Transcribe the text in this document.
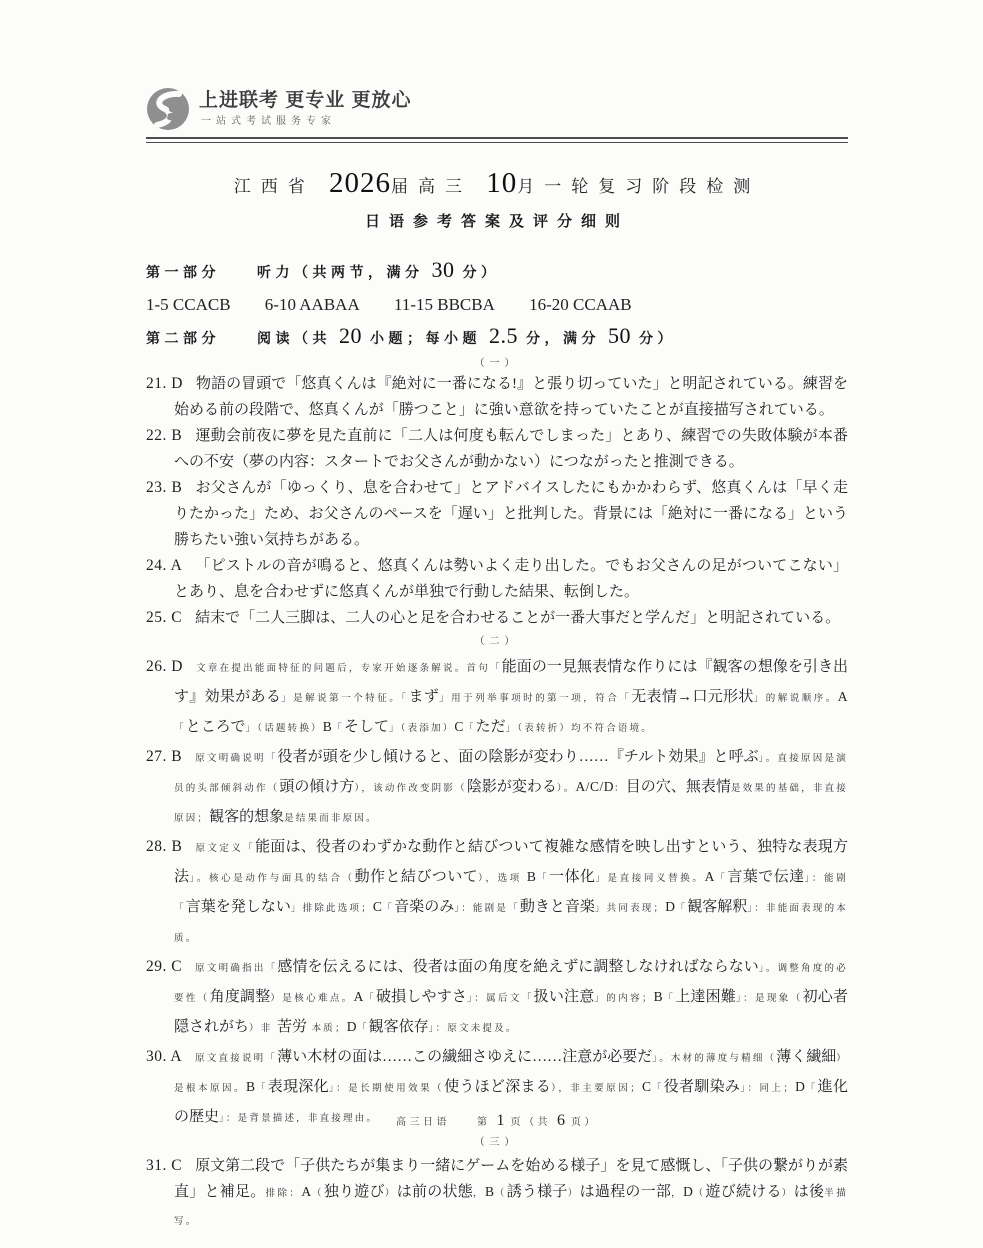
上进联考 更专业 更放心
一站式考试服务专家
江西省 2026届高三 10月一轮复习阶段检测
日语参考答案及评分细则

第一部分　　听力（共两节，满分 30 分）

1-5 CCACB 6-10 AABAA 11-15 BBCBA 16-20 CCAAB

第二部分　　阅读（共 20 小题；每小题 2.5 分，满分 50 分）

（一）

21. D 物語の冒頭で「悠真くんは『絶対に一番になる!』と張り切っていた」と明記されている。練習を始める前の段階で、悠真くんが「勝つこと」に強い意欲を持っていたことが直接描写されている。

22. B 運動会前夜に夢を見た直前に「二人は何度も転んでしまった」とあり、練習での失敗体験が本番への不安（夢の内容：スタートでお父さんが動かない）につながったと推測できる。

23. B お父さんが「ゆっくり、息を合わせて」とアドバイスしたにもかかわらず、悠真くんは「早く走りたかった」ため、お父さんのペースを「遅い」と批判した。背景には「絶対に一番になる」という勝ちたい強い気持ちがある。

24. A 「ピストルの音が鳴ると、悠真くんは勢いよく走り出した。でもお父さんの足がついてこない」とあり、息を合わせずに悠真くんが単独で行動した結果、転倒した。

25. C 結末で「二人三脚は、二人の心と足を合わせることが一番大事だと学んだ」と明記されている。

（二）

26. D 文章在提出能面特征的问题后，专家开始逐条解说。首句「能面の一見無表情な作りには『観客の想像を引き出す』効果がある」是解说第一个特征。「まず」用于列举事项时的第一项，符合「无表情→口元形状」的解说顺序。A「ところで」（话题转换）B「そして」（表添加）C「ただ」（表转折）均不符合语境。

27. B 原文明确说明「役者が頭を少し傾けると、面の陰影が変わり……『チルト効果』と呼ぶ」。直接原因是演员的头部倾斜动作（頭の傾け方），该动作改变阴影（陰影が変わる）。A/C/D：目の穴、無表情是效果的基础，非直接原因；観客的想象是结果而非原因。

28. B 原文定义「能面は、役者のわずかな動作と結びついて複雑な感情を映し出すという、独特な表現方法」。核心是动作与面具的结合（動作と結びついて），选项 B「一体化」是直接同义替换。A「言葉で伝達」：能剧「言葉を発しない」排除此选项；C「音楽のみ」：能剧是「動きと音楽」共同表现；D「観客解釈」：非能面表现的本质。

29. C 原文明确指出「感情を伝えるには、役者は面の角度を絶えずに調整しなければならない」。调整角度的必要性（角度調整）是核心难点。A「破損しやすさ」：属后文「扱い注意」的内容；B「上達困難」：是现象（初心者隠されがち）非 苦労 本质；D「観客依存」：原文未提及。

30. A 原文直接说明「薄い木材の面は……この繊細さゆえに……注意が必要だ」。木材的薄度与精细（薄く繊細）是根本原因。B「表現深化」：是长期使用效果（使うほど深まる），非主要原因；C「役者馴染み」：同上；D「進化の歴史」：是背景描述，非直接理由。

（三）

31. C 原文第二段で「子供たちが集まり一緒にゲームを始める様子」を見て感慨し、「子供の繋がりが素直」と補足。排除：A（独り遊び）は前の状態，B（誘う様子）は過程の一部，D（遊び続ける）は後半描写。

高三日语　　第 1 页（共 6 页）
